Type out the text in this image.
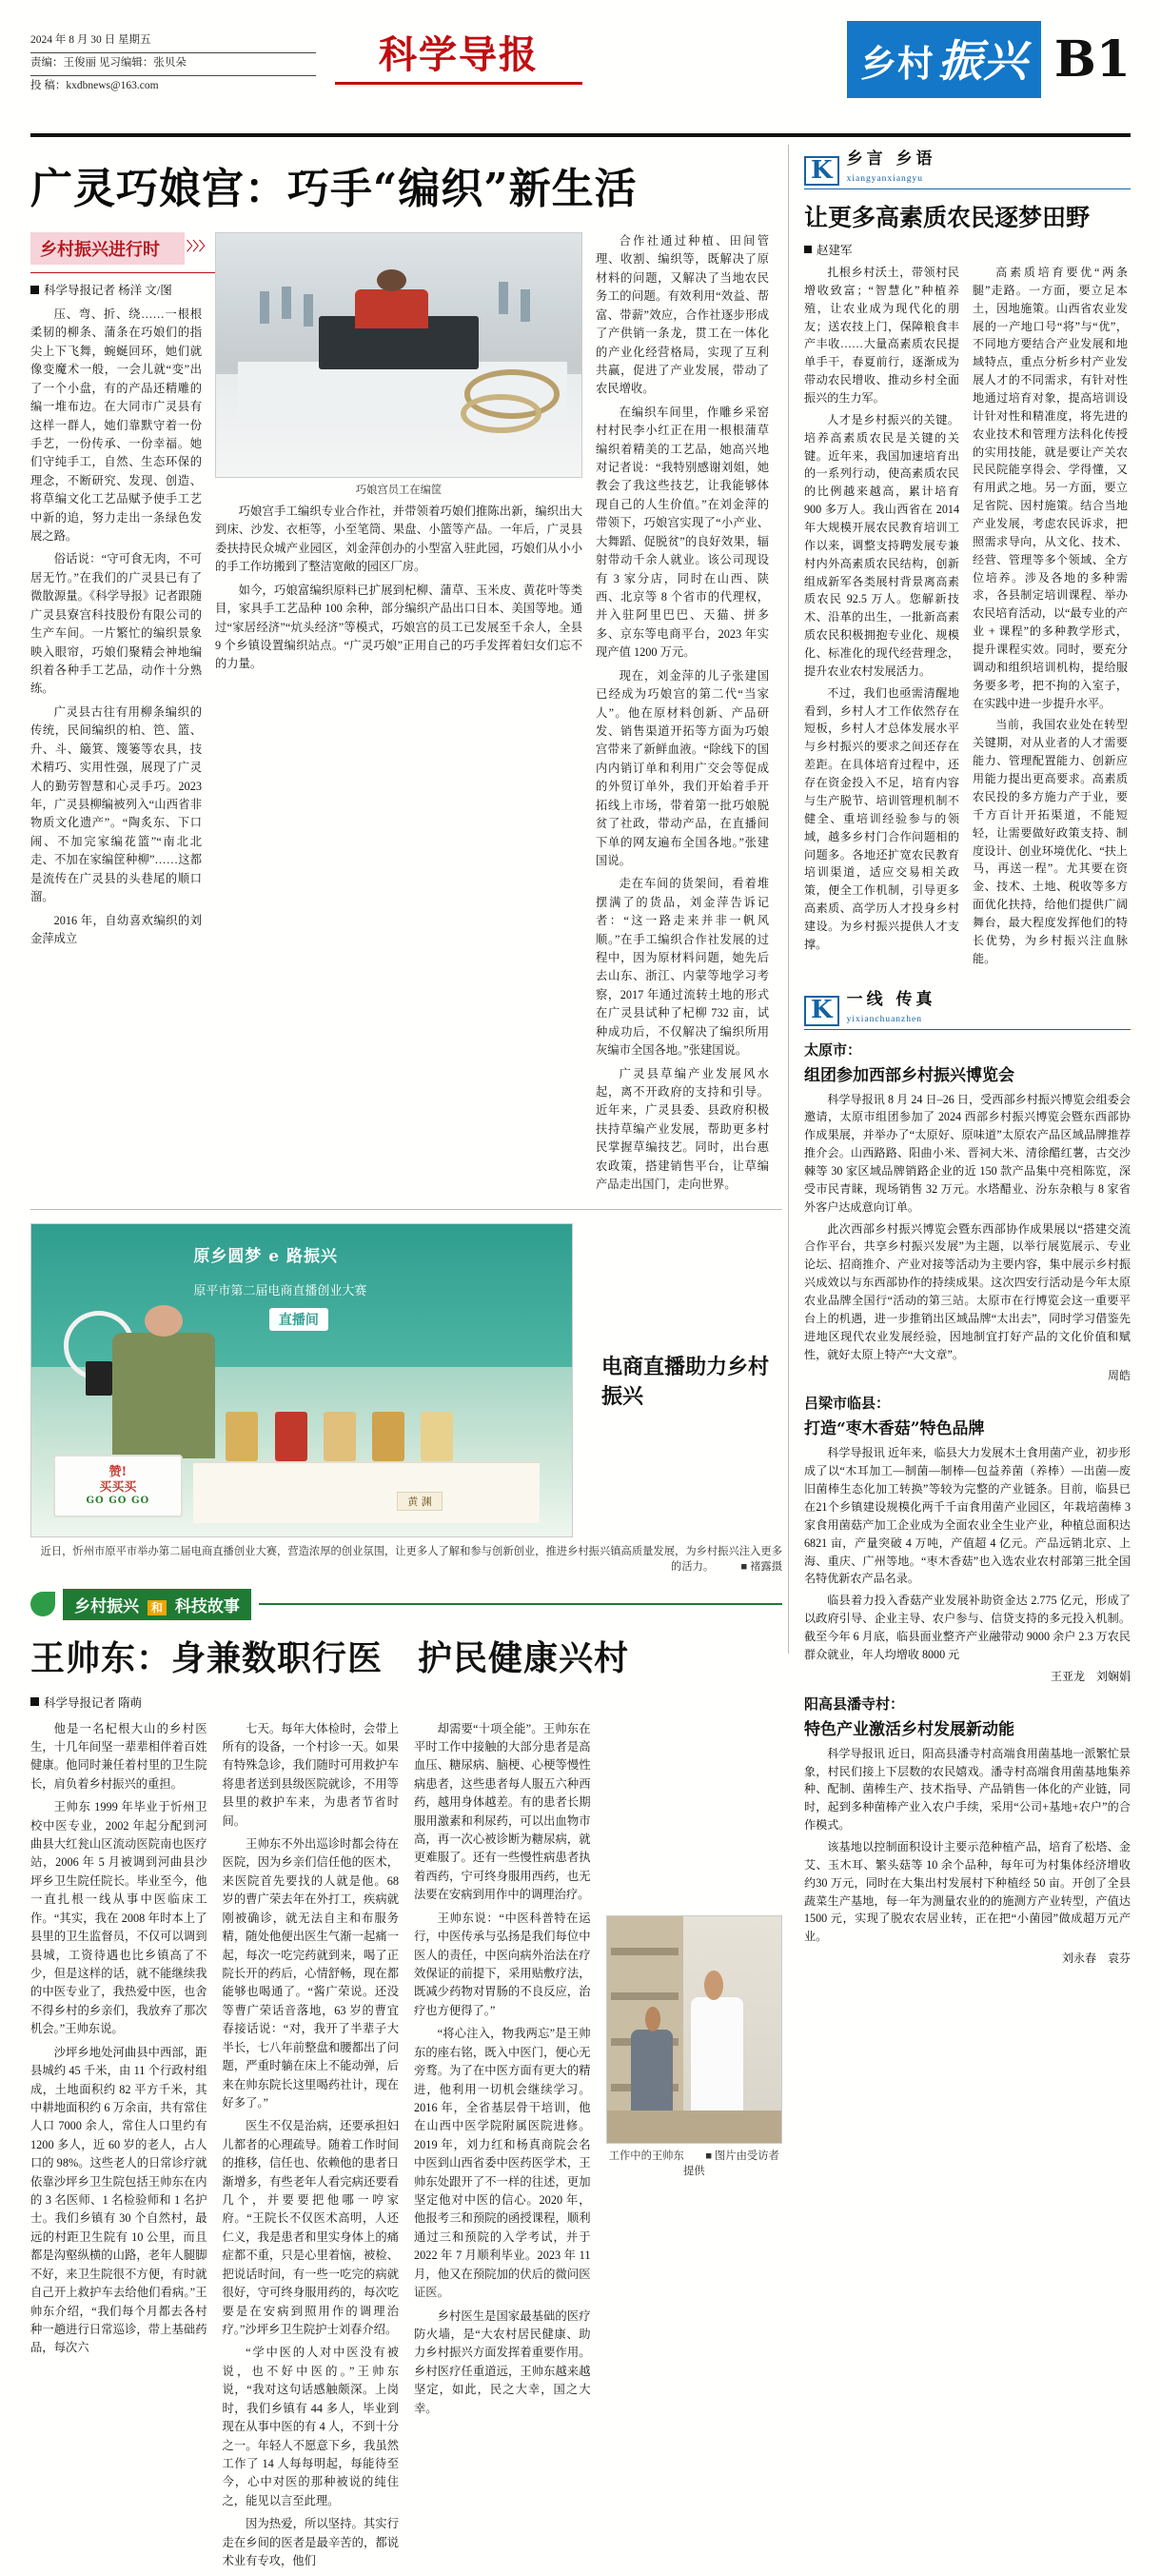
2024 年 8 月 30 日 星期五
责编：王俊丽 见习编辑：张贝朵
投 稿：kxdbnews@163.com
科学导报	乡村 振兴 B1
广灵巧娘宫：巧手“编织”新生活
乡村振兴进行时 〉〉〉
科学导报记者 杨洋 文/图

压、弯、折、绕……一根根柔韧的柳条、蒲条在巧娘们的指尖上下飞舞，蜿蜒回环，她们就像变魔术一般，一会儿就“变”出了一个小盘，有的产品还精雕的编一堆布边。在大同市广灵县有这样一群人，她们靠默守着一份手艺，一份传承、一份幸福。她们守纯手工，自然、生态环保的理念，不断研究、发现、创造、将草编文化工艺品赋予使手工艺中新的追，努力走出一条绿色发展之路。

俗话说：“守可食无肉，不可居无竹。”在我们的广灵县已有了微散源量。《科学导报》记者跟随广灵县寮宫科技股份有限公司的生产车间。一片繁忙的编织景象映入眼帘，巧娘们聚精会神地编织着各种手工艺品，动作十分熟练。

广灵县古往有用柳条编织的传统，民间编织的柏、笆、篮、升、斗、簸箕、篾篓等农具，技术精巧、实用性强，展现了广灵人的勤劳智慧和心灵手巧。2023 年，广灵县柳编被列入“山西省非物质文化遗产”。“陶炙东、下口闹、不加完家编花篮”“南北北走、不加在家编筐种柳”……这都是流传在广灵县的头巷尾的顺口溜。

2016 年，自幼喜欢编织的刘金萍成立

巧娘宫员工在编筐

巧娘宫手工编织专业合作社，并带领着巧娘们推陈出新，编织出大到床、沙发、衣柜等，小至笔筒、果盘、小篮等产品。一年后，广灵县委扶持民众城产业园区，刘金萍创办的小型富入驻此园，巧娘们从小小的手工作坊搬到了整洁宽敞的园区厂房。

如今，巧娘富编织原料已扩展到杞柳、蒲草、玉米皮、黄花叶等类目，家具手工艺品种 100 余种，部分编织产品出口日本、美国等地。通过“家居经济”“炕头经济”等模式，巧娘宫的员工已发展至千余人，全县 9 个乡镇设置编织站点。“广灵巧娘”正用自己的巧手发挥着妇女们忘不的力量。

合作社通过种植、田间管理、收割、编织等，既解决了原材料的问题，又解决了当地农民务工的问题。有效利用“效益、帮富、带薪”效应，合作社逐步形成了产供销一条龙，贯工在一体化的产业化经营格局，实现了互利共赢，促进了产业发展，带动了农民增收。

在编织车间里，作雕乡采窑村村民李小红正在用一根根蒲草编织着精美的工艺品，她高兴地对记者说：“我特别感谢刘姐，她教会了我这些技艺，让我能够体现自己的人生价值。”在刘金萍的带领下，巧娘宫实现了“小产业、大舞蹈、促脱贫”的良好效果，辐射带动千余人就业。该公司现设有 3 家分店，同时在山西、陕西、北京等 8 个省市的代理权，并入驻阿里巴巴、天猫、拼多多、京东等电商平台，2023 年实现产值 1200 万元。

现在，刘金萍的儿子张建国已经成为巧娘宫的第二代“当家人”。他在原材料创新、产品研发、销售渠道开拓等方面为巧娘宫带来了新鲜血液。“除线下的国内内销订单和利用广交会等促成的外贸订单外，我们开始着手开拓线上市场，带着第一批巧娘脱贫了社政，带动产品，在直播间下单的网友遍布全国各地。”张建国说。

走在车间的货架间，看着堆摆满了的货品，刘金萍告诉记者：“这一路走来并非一帆风顺。”在手工编织合作社发展的过程中，因为原材料问题，她先后去山东、浙江、内蒙等地学习考察，2017 年通过流转土地的形式在广灵县试种了杞柳 732 亩，试种成功后，不仅解决了编织所用灰编市全国各地。”张建国说。

广灵县草编产业发展风水起，离不开政府的支持和引导。近年来，广灵县委、县政府积极扶持草编产业发展，帮助更多村民掌握草编技艺。同时，出台惠农政策，搭建销售平台，让草编产品走出国门，走向世界。

原乡圆梦 e 路振兴
原平市第二届电商直播创业大赛
直播间
赞!
买买买
GO GO GO	黄 渊
电商直播助力乡村振兴
近日，忻州市原平市举办第二届电商直播创业大赛，营造浓厚的创业氛围，让更多人了解和参与创新创业，推进乡村振兴镇高质量发展，为乡村振兴注入更多的活力。　　　■ 褚露摄
乡村振兴 和 科技故事
王帅东：身兼数职行医　护民健康兴村
科学导报记者 隋萌

他是一名杞根大山的乡村医生，十几年间坚一辈辈相伴着百姓健康。他同时兼任着村里的卫生院长，肩负着乡村振兴的重担。

王帅东 1999 年毕业于忻州卫校中医专业，2002 年起分配到河曲县大红瓮山区流动医院南也医疗站，2006 年 5 月被调到河曲县沙坪乡卫生院任院长。毕业至今，他一直扎根一线从事中医临床工作。“其实，我在 2008 年时本上了县里的卫生监督员，不仅可以调到县城，工资待遇也比乡镇高了不少，但是这样的话，就不能继续我的中医专业了，我热爱中医，也舍不得乡村的乡亲们，我放弃了那次机会。”王帅东说。

沙坪乡地处河曲县中西部，距县城约 45 千米，由 11 个行政村组成，土地面积约 82 平方千米，其中耕地面积约 6 万余亩，共有常住人口 7000 余人，常住人口里约有 1200 多人，近 60 岁的老人，占人口的 98%。这些老人的日常诊疗就依靠沙坪乡卫生院包括王帅东在内的 3 名医师、1 名检验师和 1 名护士。我们乡镇有 30 个自然村，最远的村距卫生院有 10 公里，而且都是沟壑纵横的山路，老年人腿脚不好，来卫生院很不方便，有时就自己开上救护车去给他们看病。”王帅东介绍，“我们每个月都去各村种一趟进行日常巡诊，带上基础药品，每次六

七天。每年大体检时，会带上所有的设备，一个村诊一天。如果有特殊急诊，我们随时可用救护车将患者送到县级医院就诊，不用等县里的救护车来，为患者节省时间。

王帅东不外出巡诊时都会待在医院，因为乡亲们信任他的医术，来医院首先要找的人就是他。68 岁的曹广荣去年在外打工，疾病就刚被确诊，就无法自主和布服务精，随处他便出医生气渐一起痛一起，每次一吃完药就到来，喝了正院长开的药后，心情舒畅，现在都能够也喝通了。“酱广荣说。还没等曹广荣话音落地，63 岁的曹宜春接话说：“对，我开了半辈子大半长，七八年前整盘和腰都出了问题，严重时躺在床上不能动弹，后来在帅东院长这里喝药社计，现在好多了。”

医生不仅是治病，还要承担妇儿都者的心理疏导。随着工作时间的推移，信任也、依赖他的患者日渐增多，有些老年人看完病还要看几个，并要要把他哪一哼家府。“王院长不仅医术高明，人还仁义，我是患者和里实身体上的痛症都不重，只是心里着恼，被检、把说话时间，有一些一吃完的病就很好，守可终身服用药的，每次吃要是在安病到照用作的调理治疗。”沙坪乡卫生院护士刘春介绍。

“学中医的人对中医没有被说，也不好中医的。”王帅东说，“我对这句话感触颇深。上岗时，我们乡镇有 44 多人，毕业到现在从事中医的有 4 人，不到十分之一。年轻人不愿意下乡，我虽然工作了 14 人每每明起，每能待至今，心中对医的那种被说的纯住之，能见以言至此理。

因为热爱，所以坚持。其实行走在乡间的医者是最辛苦的，都说术业有专攻，他们

却需要“十项全能”。王帅东在平时工作中接触的大部分患者是高血压、糖尿病、脑梗、心梗等慢性病患者，这些患者每人服五六种西药，越用身体越差。有的患者长期服用激素和利尿药，可以出血物市高，再一次心被诊断为糖尿病，就更难服了。还有一些慢性病患者执着西药，宁可终身服用西药，也无法要在安病到用作中的调理治疗。

王帅东说：“中医科普特在运行，中医传承与弘扬是我们每位中医人的责任，中医向病外治法在疗效保证的前提下，采用贴敷疗法，既减少药物对胃肠的不良反应，治疗也方便得了。”

“将心注入，物我两忘”是王帅东的座右铭，既入中医门，便心无旁骛。为了在中医方面有更大的精进，他利用一切机会继续学习。2016 年，全省基层骨干培训，他在山西中医学院附属医院进修。2019 年，刘力红和杨真商院会名中医到山西省委中医药医学术，王帅东处跟开了不一样的往述，更加坚定他对中医的信心。2020 年，他报考三和预院的函授课程，顺利通过三和预院的入学考试，并于 2022 年 7 月顺利毕业。2023 年 11 月，他又在预院加的伏后的微问医证医。

乡村医生是国家最基础的医疗防火墙，是“大农村居民健康、助力乡村振兴方面发挥着重要作用。乡村医疗任重道远，王帅东越来越坚定，如此，民之大幸，国之大幸。

工作中的王帅东　　■ 图片由受访者提供
K 乡言 乡语
xiangyanxiangyu
让更多高素质农民逐梦田野
赵建军

扎根乡村沃土，带领村民增收致富；“智慧化”种植养殖，让农业成为现代化的朋友；送农技上门，保障粮食丰产丰收……大量高素质农民提单手干，春夏前行，逐渐成为带动农民增收、推动乡村全面振兴的生力军。

人才是乡村振兴的关键。培养高素质农民是关键的关键。近年来，我国加速培育出的一系列行动，使高素质农民的比例越来越高，累计培育 900 多万人。我山西省在 2014 年大规模开展农民教育培训工作以来，调整支持聘发展专兼村内外高素质农民结构，创新组成新军各类展村背景离高素质农民 92.5 万人。您解新技术、沿革的出生，一批新高素质农民积极拥抱专业化、规模化、标准化的现代经营理念，提升农业农村发展活力。

不过，我们也亟需清醒地看到，乡村人才工作依然存在短板，乡村人才总体发展水平与乡村振兴的要求之间还存在差距。在具体培育过程中，还存在资金投入不足，培育内容与生产脱节、培训管理机制不健全、重培训经验参与的领域，越多乡村门合作问题相的问题多。各地还扩宽农民教育培训渠道，适应交易相关政策，便全工作机制，引导更多高素质、高学历人才投身乡村建设。为乡村振兴提供人才支撑。

高素质培育要优“两条腿”走路。一方面，要立足本土，因地施策。山西省农业发展的一产地口号“将”与“优”，不同地方要结合产业发展和地域特点，重点分析乡村产业发展人才的不同需求，有针对性地通过培育对象，提高培训设计针对性和精准度，将先进的农业技术和管理方法科化传授的实用技能，就是要让产关农民民院能享得会、学得懂，又有用武之地。另一方面，要立足省院、因村施策。结合当地产业发展，考虑农民诉求，把照需求导向，从文化、技术、经营、管理等多个领域、全方位培养。涉及各地的多种需求，各县制定培训课程、举办农民培育活动，以“最专业的产业 + 课程”的多种教学形式，提升课程实效。同时，要充分调动和组织培训机构，提给服务要多考，把不拘的入室子，在实践中进一步提升水平。

当前，我国农业处在转型关键期，对从业者的人才需要能力、管理配置能力、创新应用能力提出更高要求。高素质农民投的多方施力产于业，要千方百计开拓渠道，不能短轻，让需要做好政策支持、制度设计、创业环境优化、“扶上马，再送一程”。尤其要在资金、技术、土地、税收等多方面优化扶持，给他们提供广阔舞台，最大程度发挥他们的特长优势，为乡村振兴注血脉能。

K 一线 传真
yixianchuanzhen
太原市：
组团参加西部乡村振兴博览会

科学导报讯 8 月 24 日–26 日，受西部乡村振兴博览会组委会邀请，太原市组团参加了 2024 西部乡村振兴博览会暨东西部协作成果展，并举办了“太原好、原味道”太原农产品区域品牌推荐推介会。山西路路、阳曲小米、晋祠大米、清徐醋红薯，古交沙棘等 30 家区域品牌销路企业的近 150 款产品集中亮相陈览，深受市民青睐，现场销售 32 万元。水塔醋业、汾东杂粮与 8 家省外客户达成意向订单。

此次西部乡村振兴博览会暨东西部协作成果展以“搭建交流合作平台，共享乡村振兴发展”为主题，以举行展览展示、专业论坛、招商推介、产业对接等活动为主要内容，集中展示乡村振兴成效以与东西部协作的持续成果。这次四安行活动是今年太原农业品牌全国行“活动的第三站。太原市在行博览会这一重要平台上的机遇，进一步推销出区域品牌“太出去”，同时学习借鉴先进地区现代农业发展经验，因地制宜打好产品的文化价值和赋性，就好太原上特产“大文章”。

周皓
吕梁市临县：
打造“枣木香菇”特色品牌

科学导报讯 近年来，临县大力发展木土食用菌产业，初步形成了以“木耳加工—制菌—制棒—包益养菌（养棒）—出菌—废旧菌棒生态化加工转换”等较为完整的产业链条。目前，临县已在21个乡镇建设规模化两千千亩食用菌产业园区，年栽培菌棒 3 家食用菌菇产加工企业成为全面农业全生业产业，种植总面积达 6821 亩，产量突破 4 万吨，产值超 4 亿元。产品远销北京、上海、重庆、广州等地。“枣木香菇”也入选农业农村部第三批全国名特优新农产品名录。

临县着力投入香菇产业发展补助资金达 2.775 亿元，形成了以政府引导、企业主导、农户参与、信贷支持的多元投入机制。截至今年 6 月底，临县面业整齐产业融带动 9000 余户 2.3 万农民群众就业，年人均增收 8000 元

王亚龙　刘娴娟
阳高县潘寺村：
特色产业激活乡村发展新动能

科学导报讯 近日，阳高县潘寺村高端食用菌基地一派繁忙景象，村民们接上下层数的农民嬉戏。潘寺村高端食用菌基地集养种、配制、菌棒生产、技术指导、产品销售一体化的产业链，同时，起到多种菌棒产业入农户手续，采用“公司+基地+农户”的合作模式。

该基地以控制面积设计主要示范种植产品，培育了松塔、金艾、玉木耳、繁头菇等 10 余个品种，每年可为村集体经济增收约30 万元，同时在大集出村发展村下种植经 50 亩。开创了全县蔬菜生产基地，每一年为测量农业的的施测方产业转型，产值达 1500 元，实现了脱农农居业转，正在把“小菌园”做成超万元产业。

刘永春　袁芬
